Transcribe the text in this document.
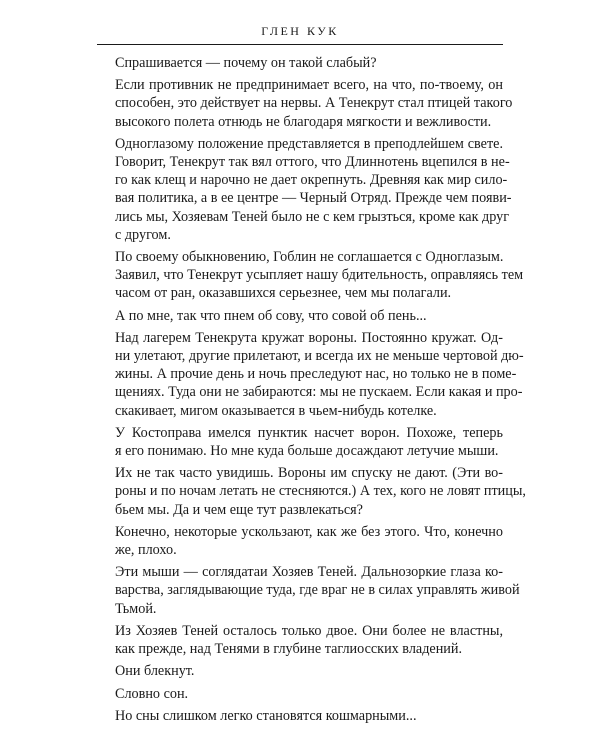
ГЛЕН КУК
Спрашивается — почему он такой слабый?
Если противник не предпринимает всего, на что, по-твоему, он
способен, это действует на нервы. А Тенекрут стал птицей такого
высокого полета отнюдь не благодаря мягкости и вежливости.
Одноглазому положение представляется в преподлейшем свете.
Говорит, Тенекрут так вял оттого, что Длиннотень вцепился в не-
го как клещ и нарочно не дает окрепнуть. Древняя как мир сило-
вая политика, а в ее центре — Черный Отряд. Прежде чем появи-
лись мы, Хозяевам Теней было не с кем грызться, кроме как друг
с другом.
По своему обыкновению, Гоблин не соглашается с Одноглазым.
Заявил, что Тенекрут усыпляет нашу бдительность, оправляясь тем
часом от ран, оказавшихся серьезнее, чем мы полагали.
А по мне, так что пнем об сову, что совой об пень...
Над лагерем Тенекрута кружат вороны. Постоянно кружат. Од-
ни улетают, другие прилетают, и всегда их не меньше чертовой дю-
жины. А прочие день и ночь преследуют нас, но только не в поме-
щениях. Туда они не забираются: мы не пускаем. Если какая и про-
скакивает, мигом оказывается в чьем-нибудь котелке.
У Костоправа имелся пунктик насчет ворон. Похоже, теперь
я его понимаю. Но мне куда больше досаждают летучие мыши.
Их не так часто увидишь. Вороны им спуску не дают. (Эти во-
роны и по ночам летать не стесняются.) А тех, кого не ловят птицы,
бьем мы. Да и чем еще тут развлекаться?
Конечно, некоторые ускользают, как же без этого. Что, конечно
же, плохо.
Эти мыши — соглядатаи Хозяев Теней. Дальнозоркие глаза ко-
варства, заглядывающие туда, где враг не в силах управлять живой
Тьмой.
Из Хозяев Теней осталось только двое. Они более не властны,
как прежде, над Тенями в глубине таглиосских владений.
Они блекнут.
Словно сон.
Но сны слишком легко становятся кошмарными...
